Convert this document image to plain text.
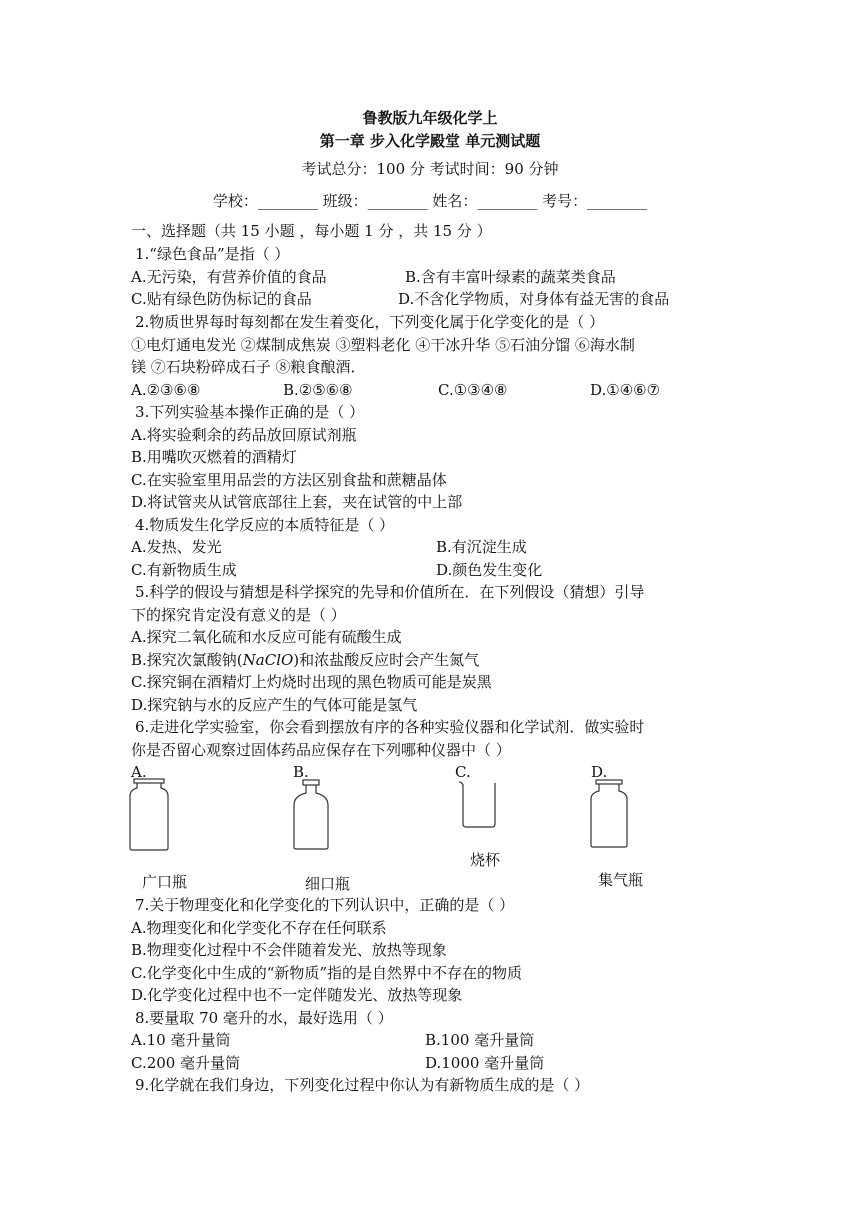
鲁教版九年级化学上
第一章 步入化学殿堂 单元测试题
考试总分：100 分 考试时间：90 分钟
学校：________ 班级：________ 姓名：________ 考号：________
一、选择题（共 15 小题 ，每小题 1 分 ，共 15 分 ）
1.“绿色食品”是指（ ）
A.无污染，有营养价值的食品	B.含有丰富叶绿素的蔬菜类食品
C.贴有绿色防伪标记的食品	D.不含化学物质，对身体有益无害的食品
2.物质世界每时每刻都在发生着变化，下列变化属于化学变化的是（ ）
①电灯通电发光 ②煤制成焦炭 ③塑料老化 ④干冰升华 ⑤石油分馏 ⑥海水制
镁 ⑦石块粉碎成石子 ⑧粮食酿酒．
A.②③⑥⑧	B.②⑤⑥⑧	C.①③④⑧	D.①④⑥⑦
3.下列实验基本操作正确的是（ ）
A.将实验剩余的药品放回原试剂瓶
B.用嘴吹灭燃着的酒精灯
C.在实验室里用品尝的方法区别食盐和蔗糖晶体
D.将试管夹从试管底部往上套，夹在试管的中上部
4.物质发生化学反应的本质特征是（ ）
A.发热、发光	B.有沉淀生成
C.有新物质生成	D.颜色发生变化
5.科学的假设与猜想是科学探究的先导和价值所在．在下列假设（猜想）引导
下的探究肯定没有意义的是（ ）
A.探究二氧化硫和水反应可能有硫酸生成
B.探究次氯酸钠(NaClO)和浓盐酸反应时会产生氮气
C.探究铜在酒精灯上灼烧时出现的黑色物质可能是炭黑
D.探究钠与水的反应产生的气体可能是氢气
6.走进化学实验室，你会看到摆放有序的各种实验仪器和化学试剂．做实验时
你是否留心观察过固体药品应保存在下列哪种仪器中（ ）
A.	B.	C.	D.
烧杯
广口瓶	集气瓶
细口瓶
7.关于物理变化和化学变化的下列认识中，正确的是（ ）
A.物理变化和化学变化不存在任何联系
B.物理变化过程中不会伴随着发光、放热等现象
C.化学变化中生成的“新物质”指的是自然界中不存在的物质
D.化学变化过程中也不一定伴随发光、放热等现象
8.要量取 70 毫升的水，最好选用（ ）
A.10 毫升量筒	B.100 毫升量筒
C.200 毫升量筒	D.1000 毫升量筒
9.化学就在我们身边，下列变化过程中你认为有新物质生成的是（ ）
